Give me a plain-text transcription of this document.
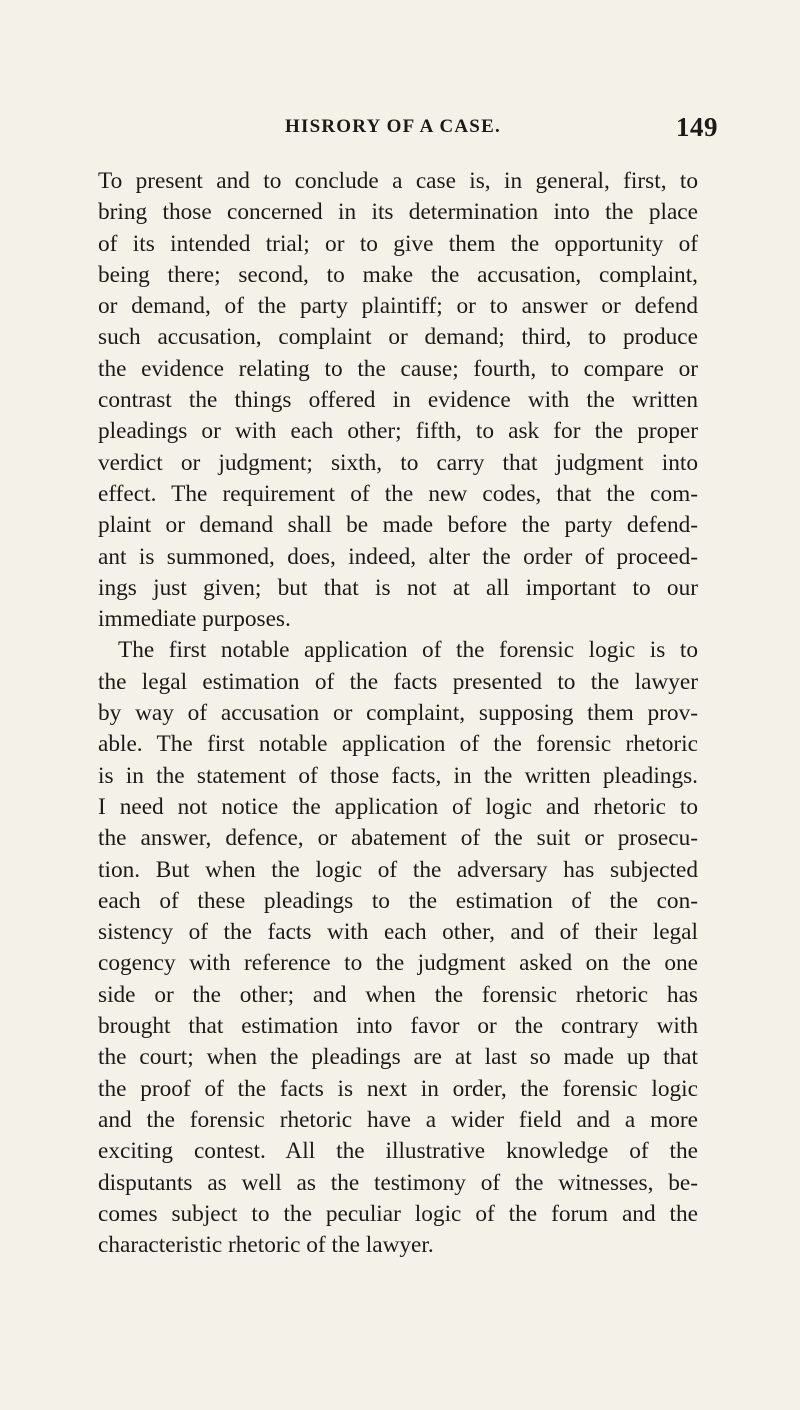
HISRORY OF A CASE.	149
To present and to conclude a case is, in general, first, to
bring those concerned in its determination into the place
of its intended trial; or to give them the opportunity of
being there; second, to make the accusation, complaint,
or demand, of the party plaintiff; or to answer or defend
such accusation, complaint or demand; third, to produce
the evidence relating to the cause; fourth, to compare or
contrast the things offered in evidence with the written
pleadings or with each other; fifth, to ask for the proper
verdict or judgment; sixth, to carry that judgment into
effect. The requirement of the new codes, that the com-
plaint or demand shall be made before the party defend-
ant is summoned, does, indeed, alter the order of proceed-
ings just given; but that is not at all important to our
immediate purposes.
The first notable application of the forensic logic is to
the legal estimation of the facts presented to the lawyer
by way of accusation or complaint, supposing them prov-
able. The first notable application of the forensic rhetoric
is in the statement of those facts, in the written pleadings.
I need not notice the application of logic and rhetoric to
the answer, defence, or abatement of the suit or prosecu-
tion. But when the logic of the adversary has subjected
each of these pleadings to the estimation of the con-
sistency of the facts with each other, and of their legal
cogency with reference to the judgment asked on the one
side or the other; and when the forensic rhetoric has
brought that estimation into favor or the contrary with
the court; when the pleadings are at last so made up that
the proof of the facts is next in order, the forensic logic
and the forensic rhetoric have a wider field and a more
exciting contest. All the illustrative knowledge of the
disputants as well as the testimony of the witnesses, be-
comes subject to the peculiar logic of the forum and the
characteristic rhetoric of the lawyer.
